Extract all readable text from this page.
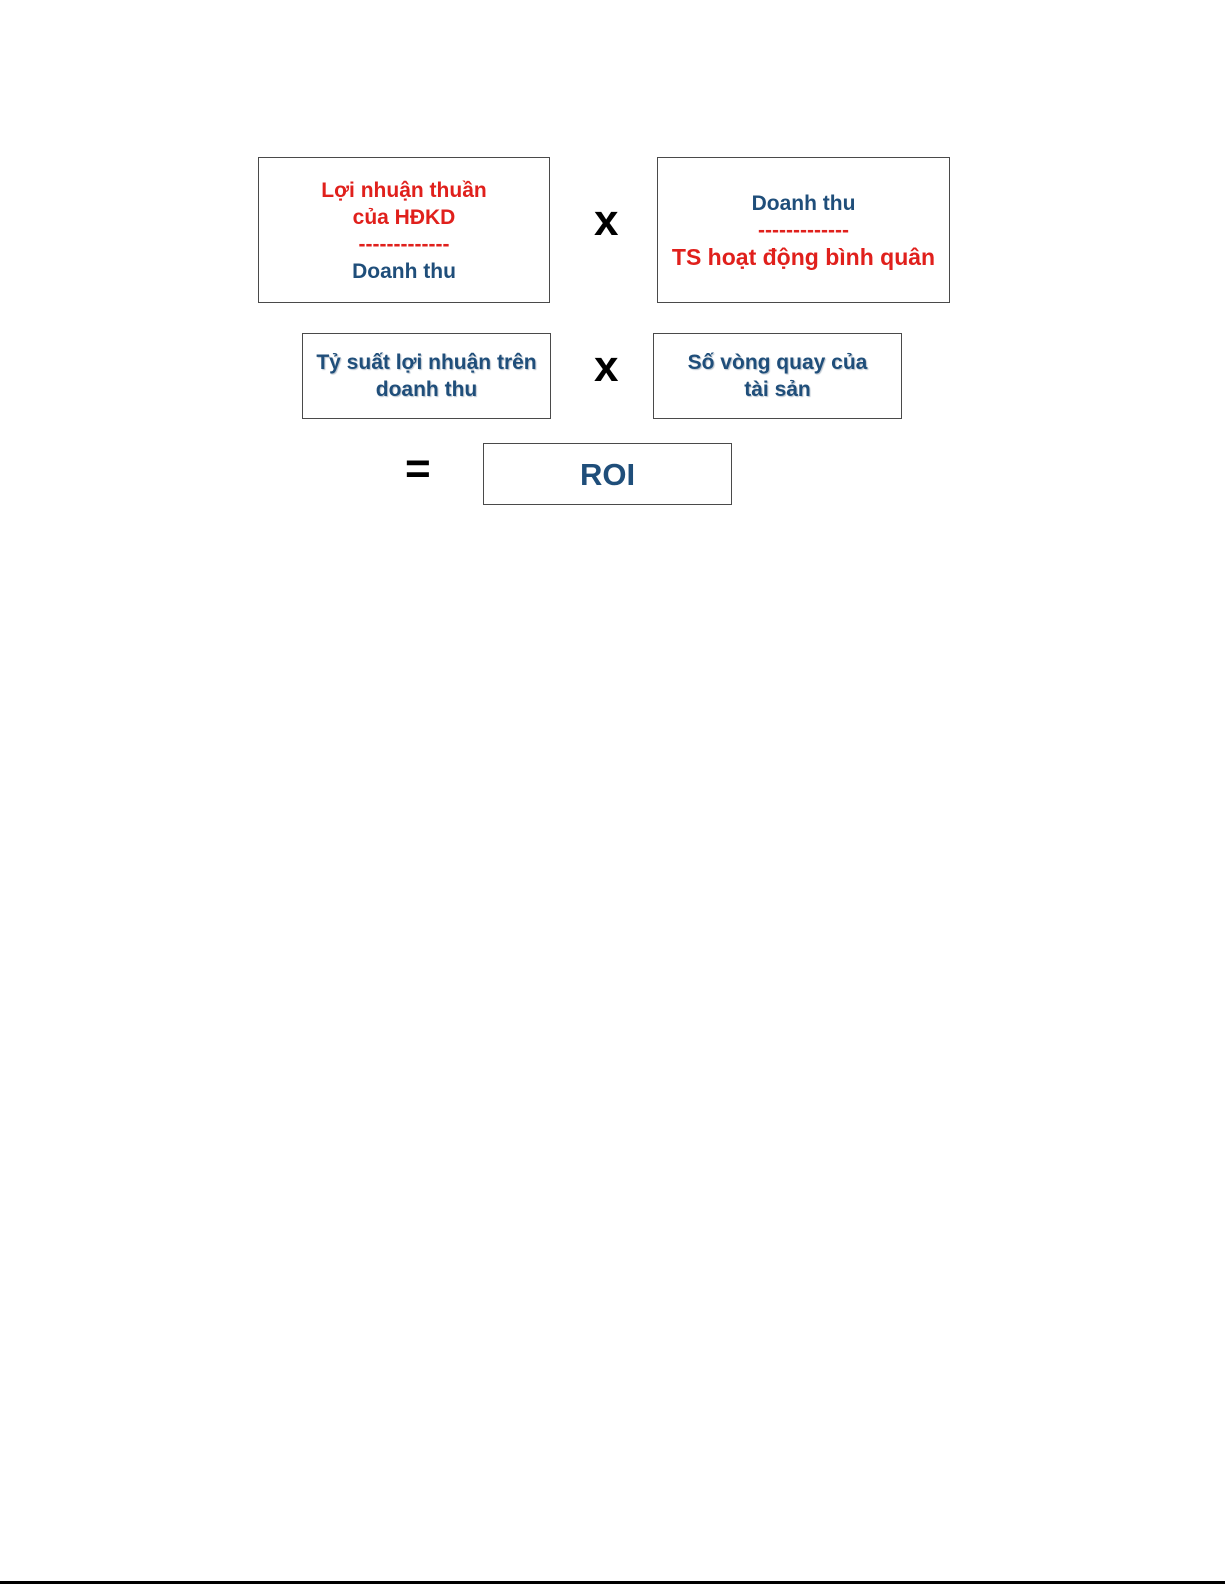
Lợi nhuận thuần
của HĐKD
-------------
Doanh thu
x	Doanh thu
-------------
TS hoạt động bình quân
Tỷ suất lợi nhuận trên
doanh thu	x	Số vòng quay của
tài sản
=	ROI
